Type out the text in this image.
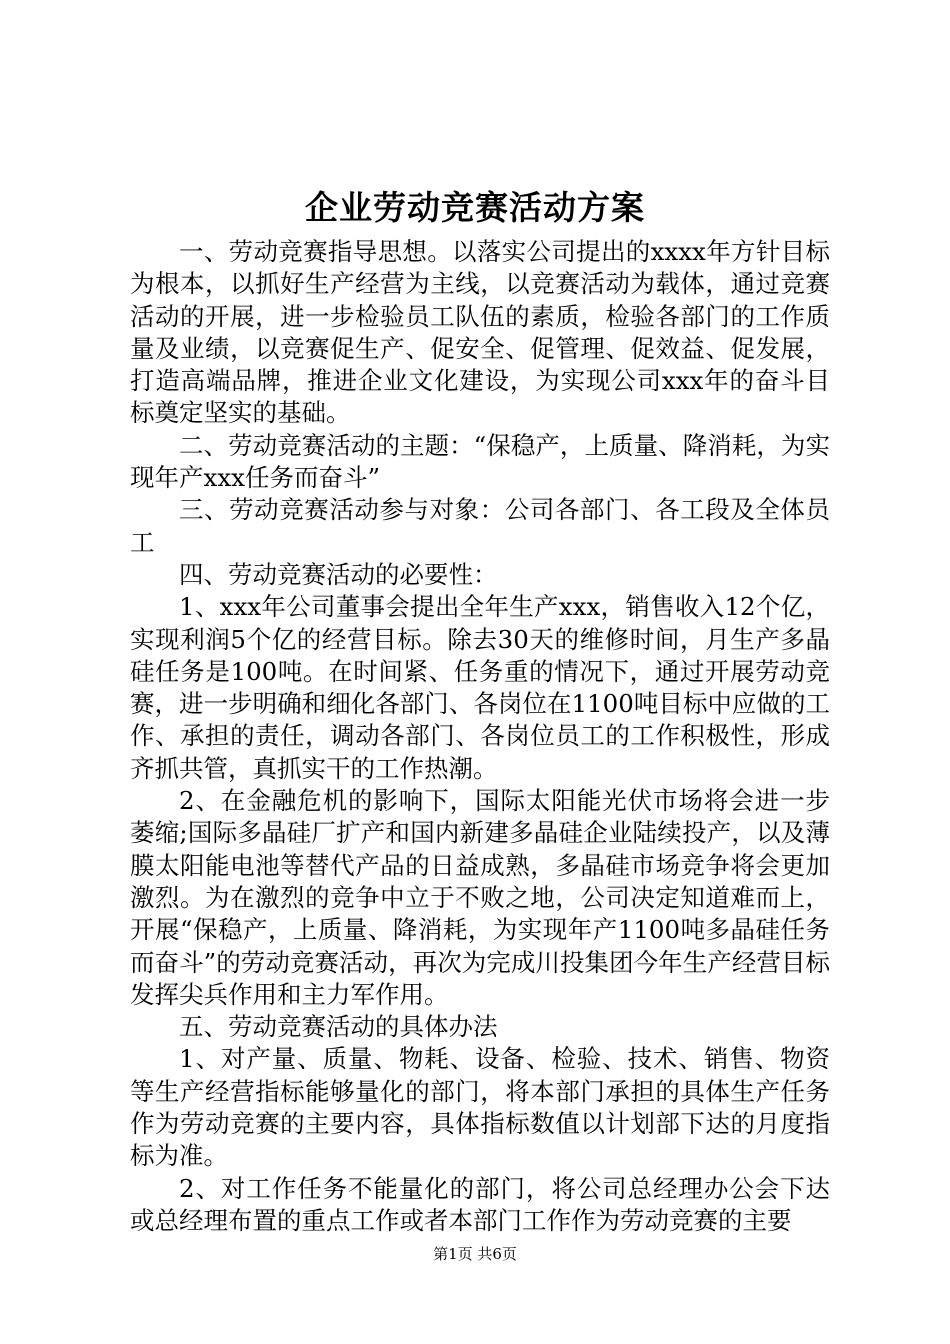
企业劳动竞赛活动方案

一、劳动竞赛指导思想。以落实公司提出的xxxx年方针目标为根本，以抓好生产经营为主线，以竞赛活动为载体，通过竞赛活动的开展，进一步检验员工队伍的素质，检验各部门的工作质量及业绩，以竞赛促生产、促安全、促管理、促效益、促发展，打造高端品牌，推进企业文化建设，为实现公司xxx年的奋斗目标奠定坚实的基础。

二、劳动竞赛活动的主题：“保稳产，上质量、降消耗，为实现年产xxx任务而奋斗”

三、劳动竞赛活动参与对象：公司各部门、各工段及全体员工

四、劳动竞赛活动的必要性：

1、xxx年公司董事会提出全年生产xxx，销售收入12个亿，实现利润5个亿的经营目标。除去30天的维修时间，月生产多晶硅任务是100吨。在时间紧、任务重的情况下，通过开展劳动竞赛，进一步明确和细化各部门、各岗位在1100吨目标中应做的工作、承担的责任，调动各部门、各岗位员工的工作积极性，形成齐抓共管，真抓实干的工作热潮。

2、在金融危机的影响下，国际太阳能光伏市场将会进一步萎缩;国际多晶硅厂扩产和国内新建多晶硅企业陆续投产，以及薄膜太阳能电池等替代产品的日益成熟，多晶硅市场竞争将会更加激烈。为在激烈的竞争中立于不败之地，公司决定知道难而上，开展“保稳产，上质量、降消耗，为实现年产1100吨多晶硅任务而奋斗”的劳动竞赛活动，再次为完成川投集团今年生产经营目标发挥尖兵作用和主力军作用。

五、劳动竞赛活动的具体办法

1、对产量、质量、物耗、设备、检验、技术、销售、物资等生产经营指标能够量化的部门，将本部门承担的具体生产任务作为劳动竞赛的主要内容，具体指标数值以计划部下达的月度指标为准。

2、对工作任务不能量化的部门，将公司总经理办公会下达或总经理布置的重点工作或者本部门工作作为劳动竞赛的主要

第1页 共6页
